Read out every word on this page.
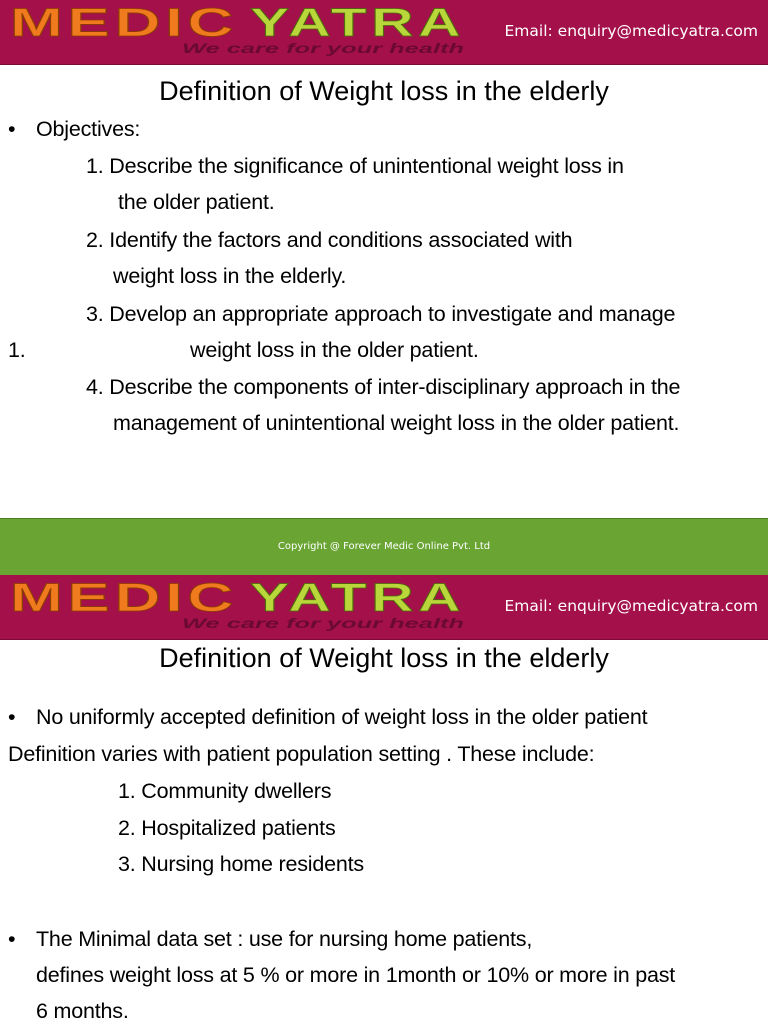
MEDIC YATRA
We care for your health
Email: enquiry@medicyatra.com
Definition of Weight loss in the elderly
• Objectives:
1. Describe the significance of unintentional weight loss in
the older patient.
2. Identify the factors and conditions associated with
weight loss in the elderly.
3. Develop an appropriate approach to investigate and manage
1.	weight loss in the older patient.
4. Describe the components of inter-disciplinary approach in the
management of unintentional weight loss in the older patient.
Copyright @ Forever Medic Online Pvt. Ltd
MEDIC YATRA
We care for your health
Email: enquiry@medicyatra.com
Definition of Weight loss in the elderly
• No uniformly accepted definition of weight loss in the older patient
Definition varies with patient population setting . These include:
1. Community dwellers
2. Hospitalized patients
3. Nursing home residents
• The Minimal data set : use for nursing home patients,
defines weight loss at 5 % or more in 1month or 10% or more in past
6 months.
